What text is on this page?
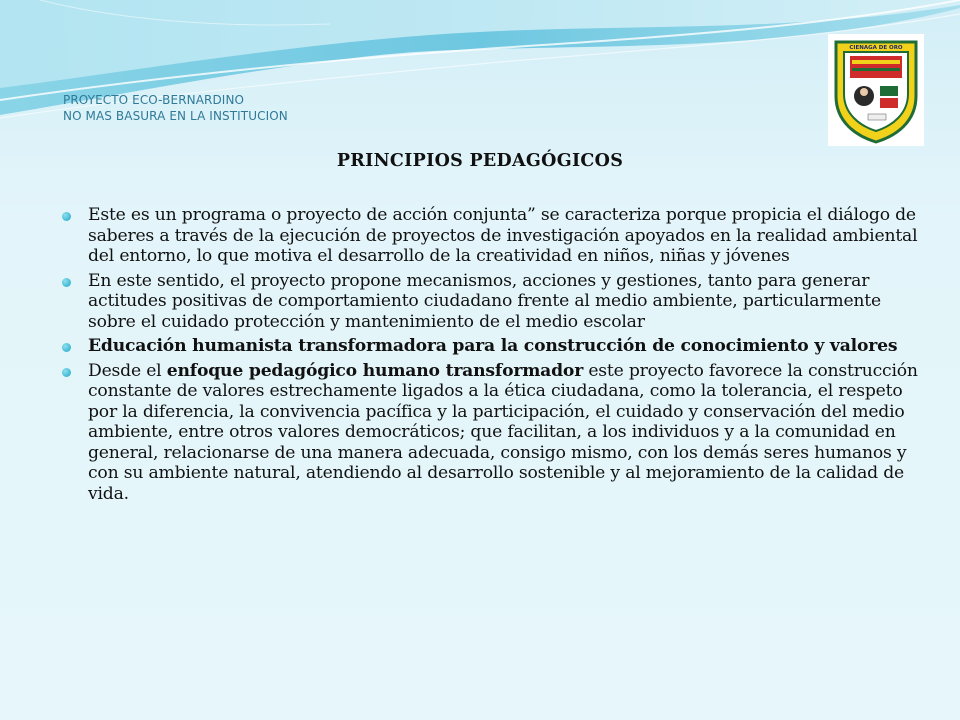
PROYECTO ECO-BERNARDINO
NO MAS BASURA EN LA INSTITUCION
CIENAGA DE ORO
PRINCIPIOS PEDAGÓGICOS
Este es un programa o proyecto de acción conjunta” se caracteriza porque propicia el diálogo de saberes a través de la ejecución de proyectos de investigación apoyados en la realidad ambiental del entorno, lo que motiva el desarrollo de la creatividad en niños, niñas y jóvenes
En este sentido, el proyecto propone mecanismos, acciones y gestiones, tanto para generar actitudes positivas de comportamiento ciudadano frente al medio ambiente, particularmente sobre el cuidado protección y mantenimiento de el medio escolar
Educación humanista transformadora para la construcción de conocimiento y valores
Desde el enfoque pedagógico humano transformador este proyecto favorece la construcción constante de valores estrechamente ligados a la ética ciudadana, como la tolerancia, el respeto por la diferencia, la convivencia pacífica y la participación, el cuidado y conservación del medio ambiente, entre otros valores democráticos; que facilitan, a los individuos y a la comunidad en general, relacionarse de una manera adecuada, consigo mismo, con los demás seres humanos y con su ambiente natural, atendiendo al desarrollo sostenible y al mejoramiento de la calidad de vida.
